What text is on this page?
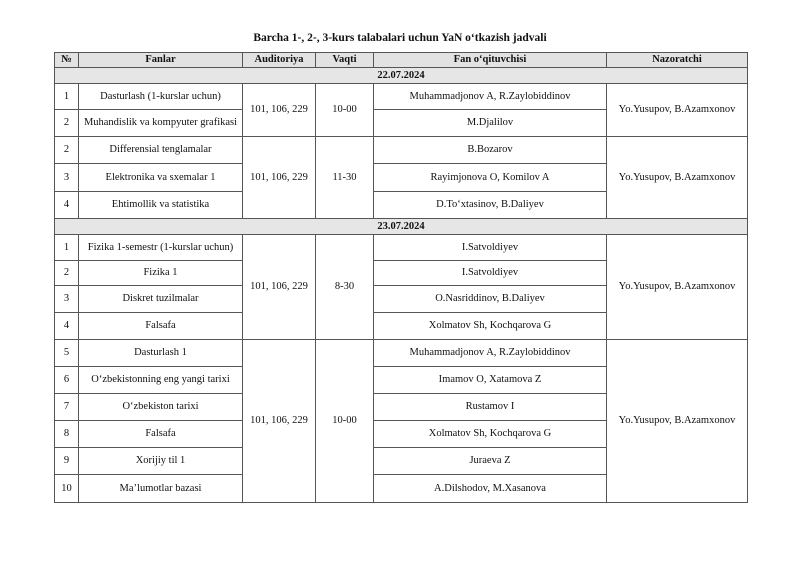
Barcha 1-, 2-, 3-kurs talabalari uchun YaN o‘tkazish jadvali
№	Fanlar	Auditoriya	Vaqti	Fan o‘qituvchisi	Nazoratchi
22.07.2024					
1	Dasturlash (1-kurslar uchun)	101, 106, 229	10-00	Muhammadjonov A, R.Zaylobiddinov	Yo.Yusupov, B.Azamxonov
2	Muhandislik va kompyuter grafikasi			M.Djalilov	
2	Differensial tenglamalar	101, 106, 229	11-30	B.Bozarov	Yo.Yusupov, B.Azamxonov
3	Elektronika va sxemalar 1			Rayimjonova O, Komilov A	
4	Ehtimollik va statistika			D.To‘xtasinov, B.Daliyev	
23.07.2024					
1	Fizika 1-semestr (1-kurslar uchun)	101, 106, 229	8-30	I.Satvoldiyev	Yo.Yusupov, B.Azamxonov
2	Fizika 1			I.Satvoldiyev	
3	Diskret tuzilmalar			O.Nasriddinov, B.Daliyev	
4	Falsafa			Xolmatov Sh, Kochqarova G	
5	Dasturlash 1	101, 106, 229	10-00	Muhammadjonov A, R.Zaylobiddinov	Yo.Yusupov, B.Azamxonov
6	O‘zbekistonning eng yangi tarixi			Imamov O, Xatamova Z	
7	O‘zbekiston tarixi			Rustamov I	
8	Falsafa			Xolmatov Sh, Kochqarova G	
9	Xorijiy til 1			Juraeva Z	
10	Ma’lumotlar bazasi			A.Dilshodov, M.Xasanova	
